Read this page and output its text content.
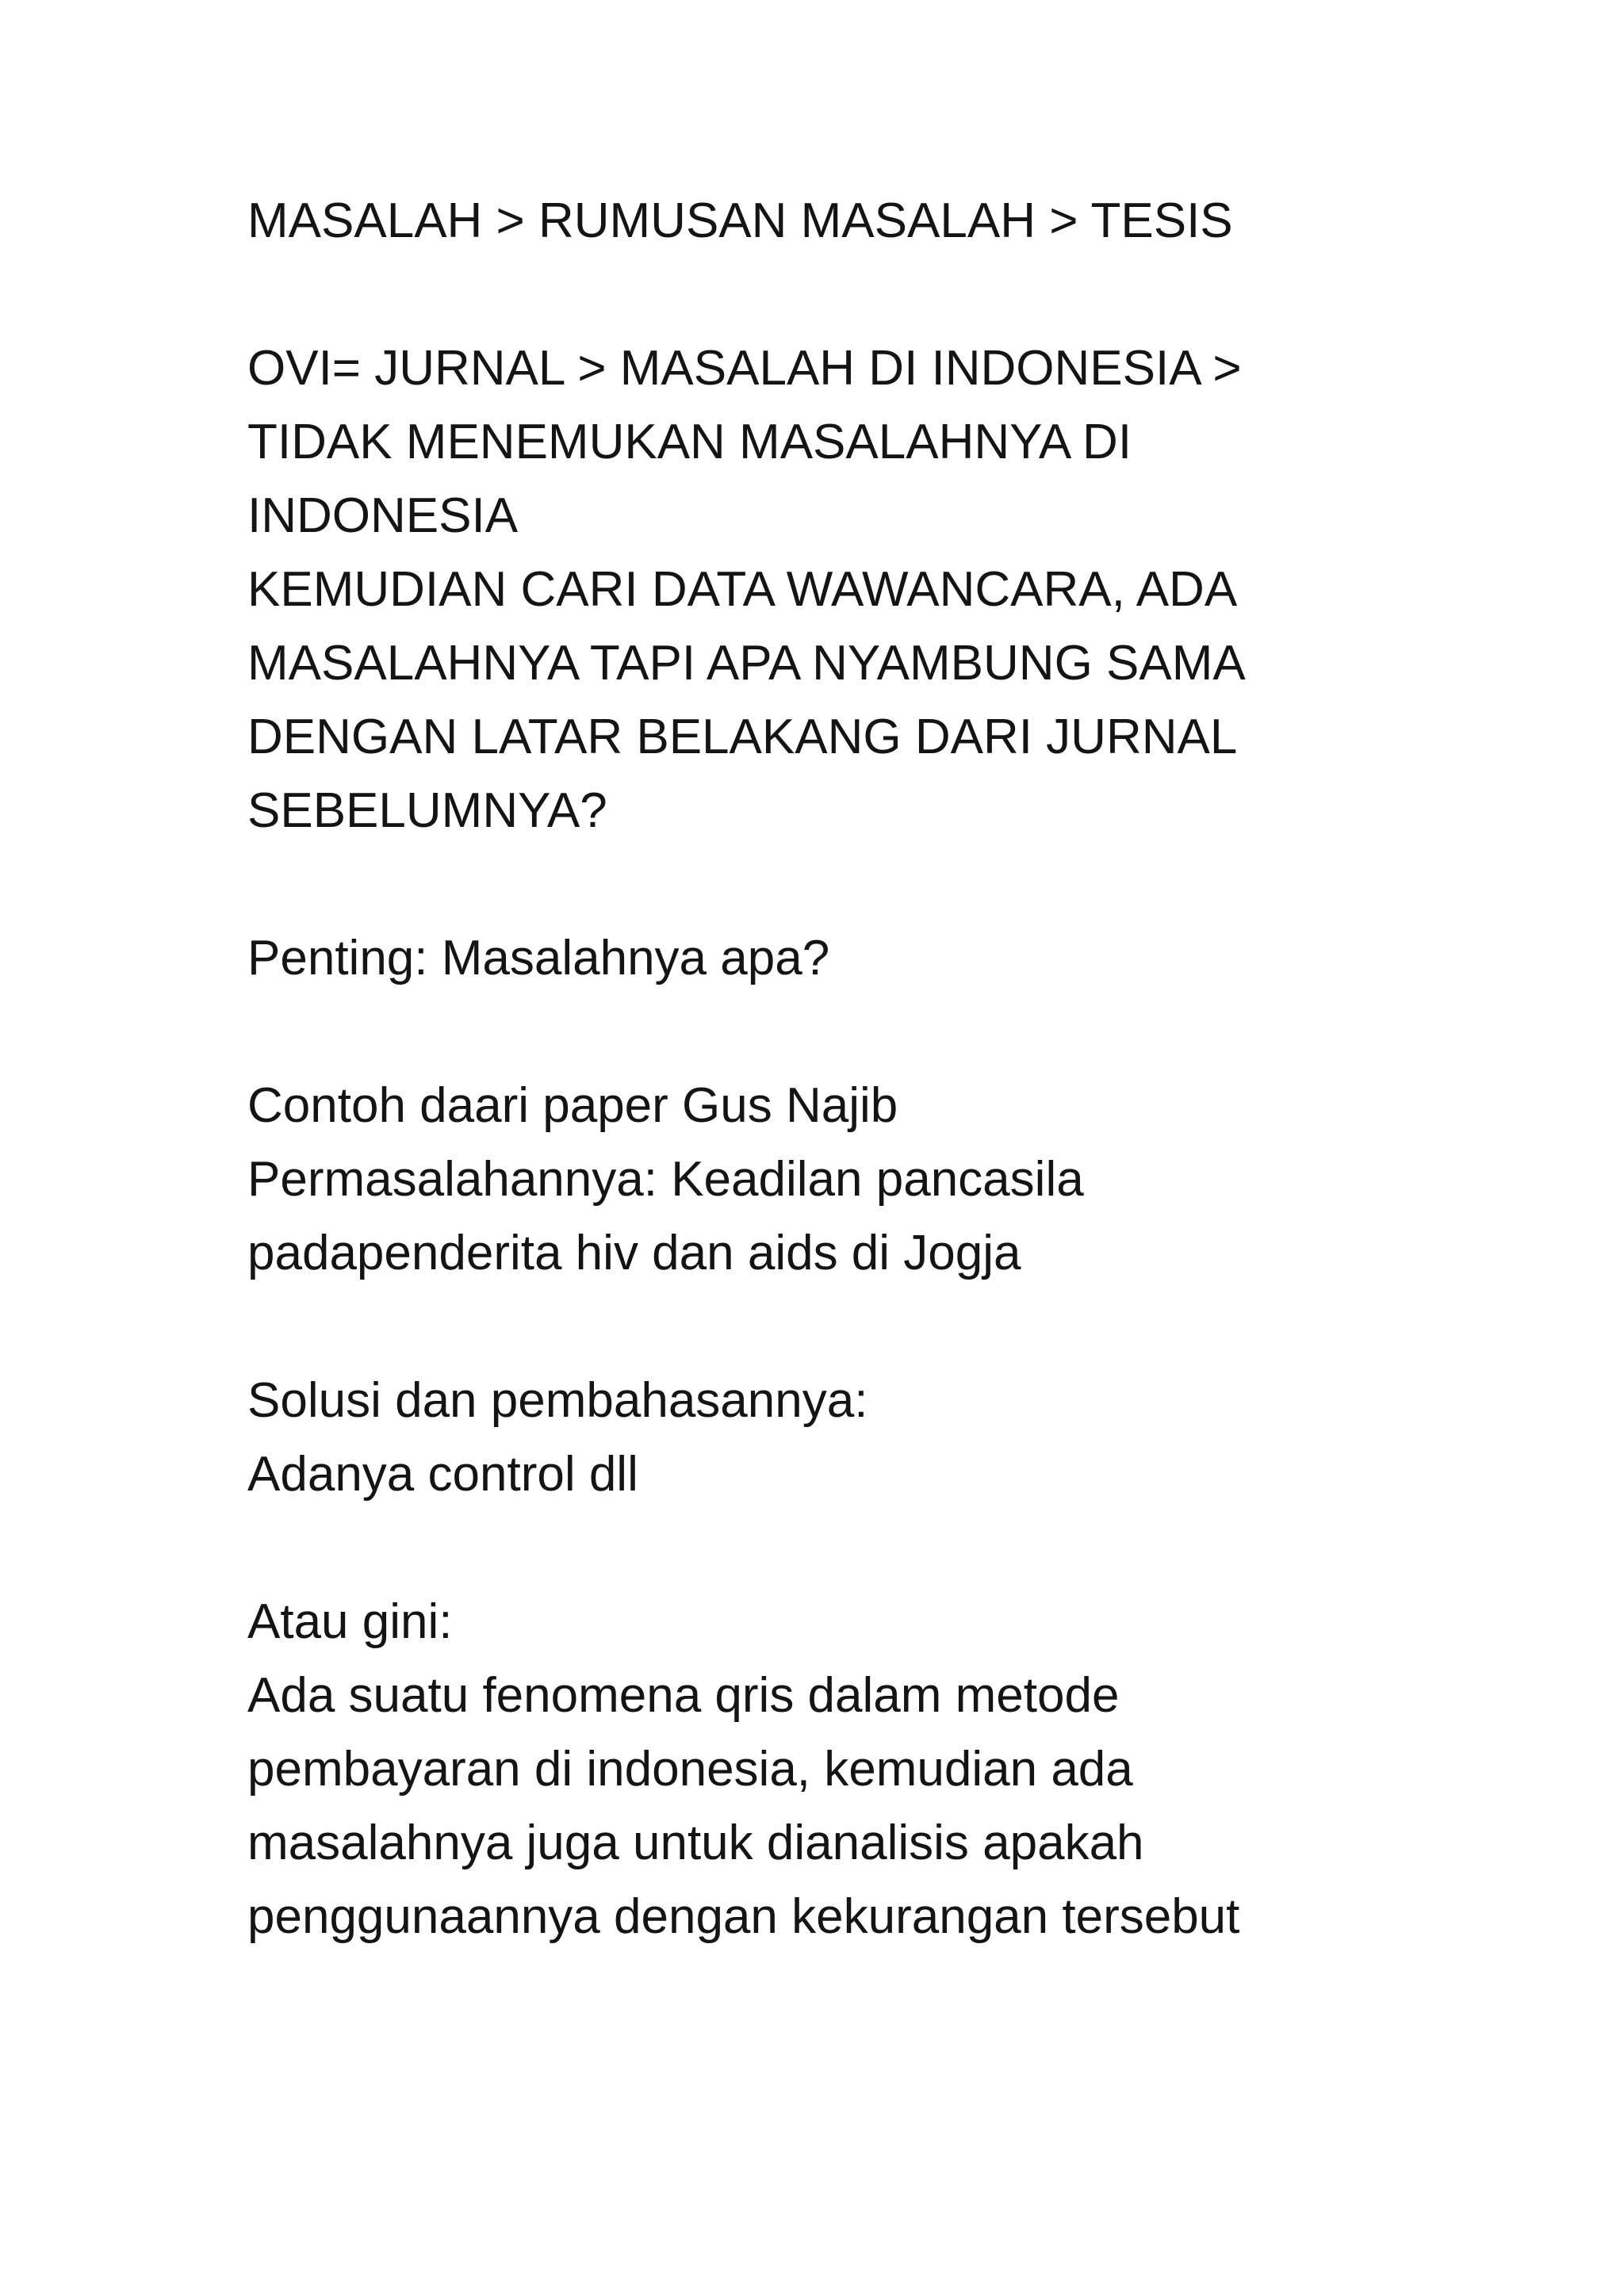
MASALAH > RUMUSAN MASALAH > TESIS
OVI= JURNAL > MASALAH DI INDONESIA >
TIDAK MENEMUKAN MASALAHNYA DI
INDONESIA
KEMUDIAN CARI DATA WAWANCARA, ADA
MASALAHNYA TAPI APA NYAMBUNG SAMA
DENGAN LATAR BELAKANG DARI JURNAL
SEBELUMNYA?
Penting: Masalahnya apa?
Contoh daari paper Gus Najib
Permasalahannya: Keadilan pancasila
padapenderita hiv dan aids di Jogja
Solusi dan pembahasannya:
Adanya control dll
Atau gini:
Ada suatu fenomena qris dalam metode
pembayaran di indonesia, kemudian ada
masalahnya juga untuk dianalisis apakah
penggunaannya dengan kekurangan tersebut
